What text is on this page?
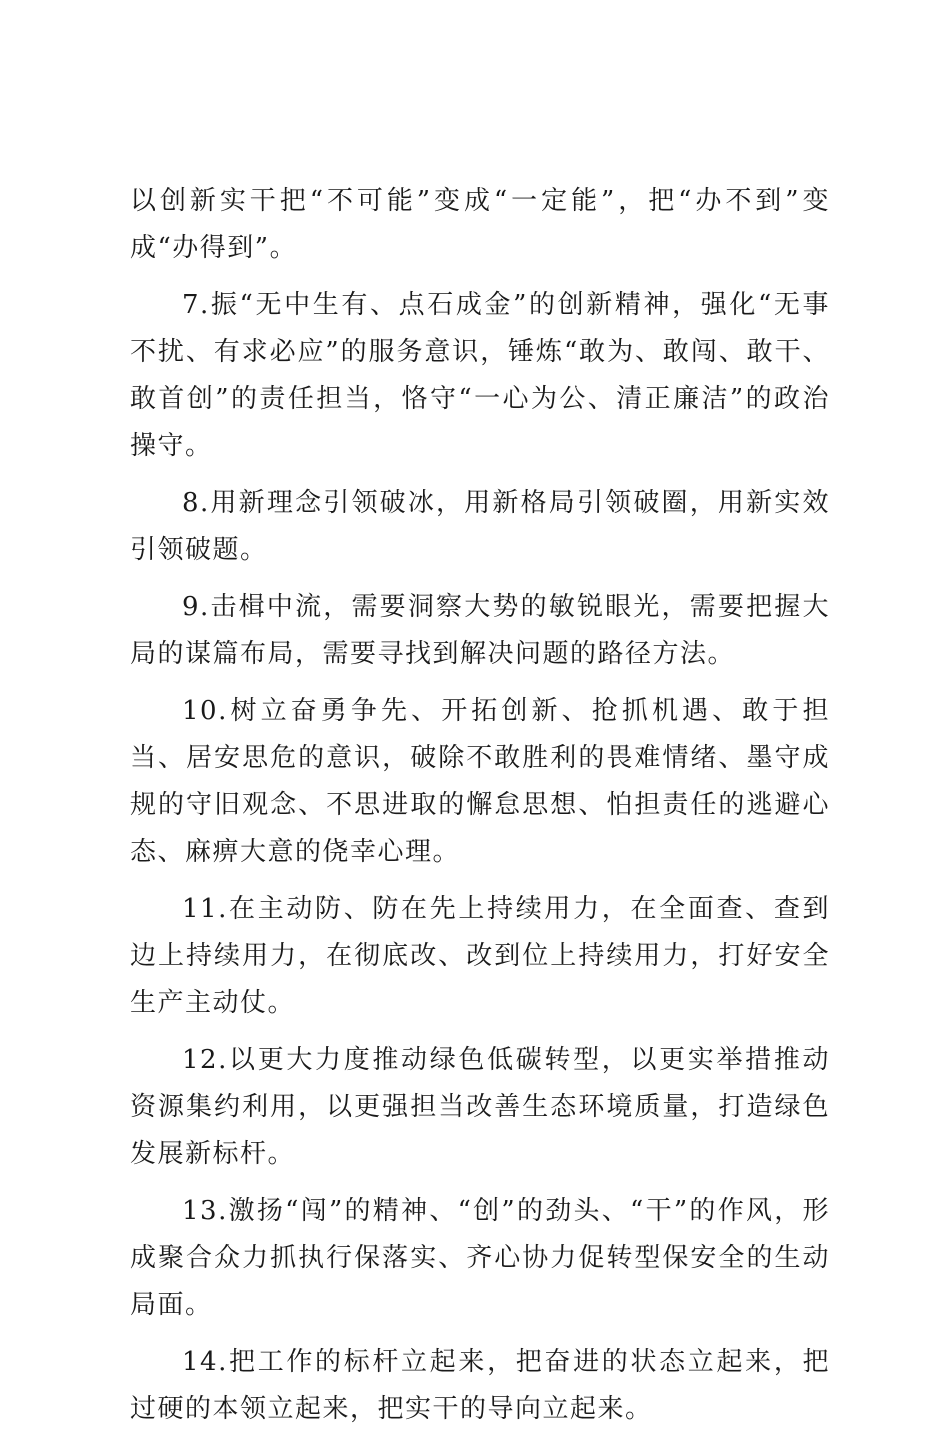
以创新实干把“不可能”变成“一定能”，把“办不到”变成“办得到”。

7.振“无中生有、点石成金”的创新精神，强化“无事不扰、有求必应”的服务意识，锤炼“敢为、敢闯、敢干、敢首创”的责任担当，恪守“一心为公、清正廉洁”的政治操守。

8.用新理念引领破冰，用新格局引领破圈，用新实效引领破题。

9.击楫中流，需要洞察大势的敏锐眼光，需要把握大局的谋篇布局，需要寻找到解决问题的路径方法。

10.树立奋勇争先、开拓创新、抢抓机遇、敢于担当、居安思危的意识，破除不敢胜利的畏难情绪、墨守成规的守旧观念、不思进取的懈怠思想、怕担责任的逃避心态、麻痹大意的侥幸心理。

11.在主动防、防在先上持续用力，在全面查、查到边上持续用力，在彻底改、改到位上持续用力，打好安全生产主动仗。

12.以更大力度推动绿色低碳转型，以更实举措推动资源集约利用，以更强担当改善生态环境质量，打造绿色发展新标杆。

13.激扬“闯”的精神、“创”的劲头、“干”的作风，形成聚合众力抓执行保落实、齐心协力促转型保安全的生动局面。

14.把工作的标杆立起来，把奋进的状态立起来，把过硬的本领立起来，把实干的导向立起来。
